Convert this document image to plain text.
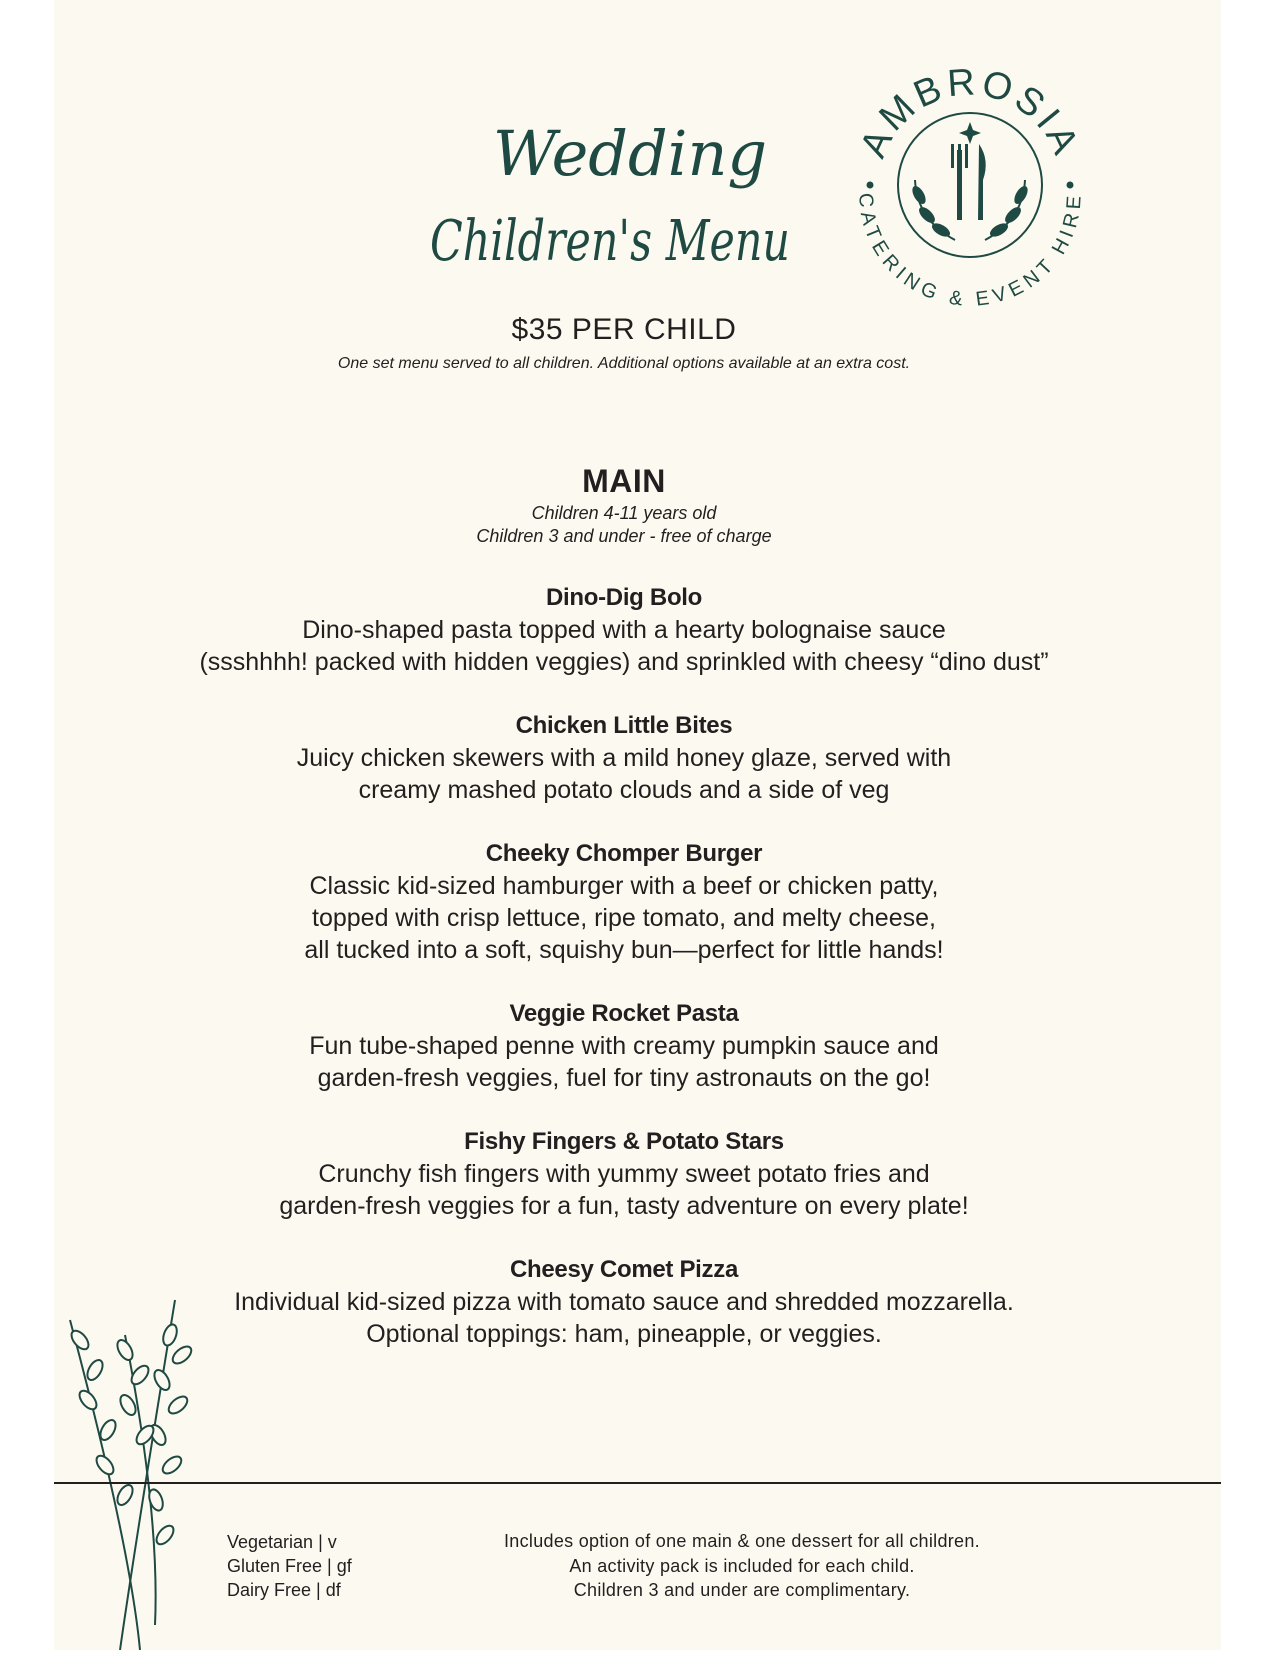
Wedding
Children's Menu
AMBROSIA
CATERING & EVENT HIRE
$35 PER CHILD
One set menu served to all children. Additional options available at an extra cost.
MAIN
Children 4-11 years old
Children 3 and under - free of charge
Dino-Dig Bolo
Dino-shaped pasta topped with a hearty bolognaise sauce
(ssshhhh! packed with hidden veggies) and sprinkled with cheesy “dino dust”
Chicken Little Bites
Juicy chicken skewers with a mild honey glaze, served with
creamy mashed potato clouds and a side of veg
Cheeky Chomper Burger
Classic kid-sized hamburger with a beef or chicken patty,
topped with crisp lettuce, ripe tomato, and melty cheese,
all tucked into a soft, squishy bun—perfect for little hands!
Veggie Rocket Pasta
Fun tube-shaped penne with creamy pumpkin sauce and
garden-fresh veggies, fuel for tiny astronauts on the go!
Fishy Fingers & Potato Stars
Crunchy fish fingers with yummy sweet potato fries and
garden-fresh veggies for a fun, tasty adventure on every plate!
Cheesy Comet Pizza
Individual kid-sized pizza with tomato sauce and shredded mozzarella.
Optional toppings: ham, pineapple, or veggies.
Vegetarian | v
Gluten Free | gf
Dairy Free | df
Includes option of one main & one dessert for all children.
An activity pack is included for each child.
Children 3 and under are complimentary.
